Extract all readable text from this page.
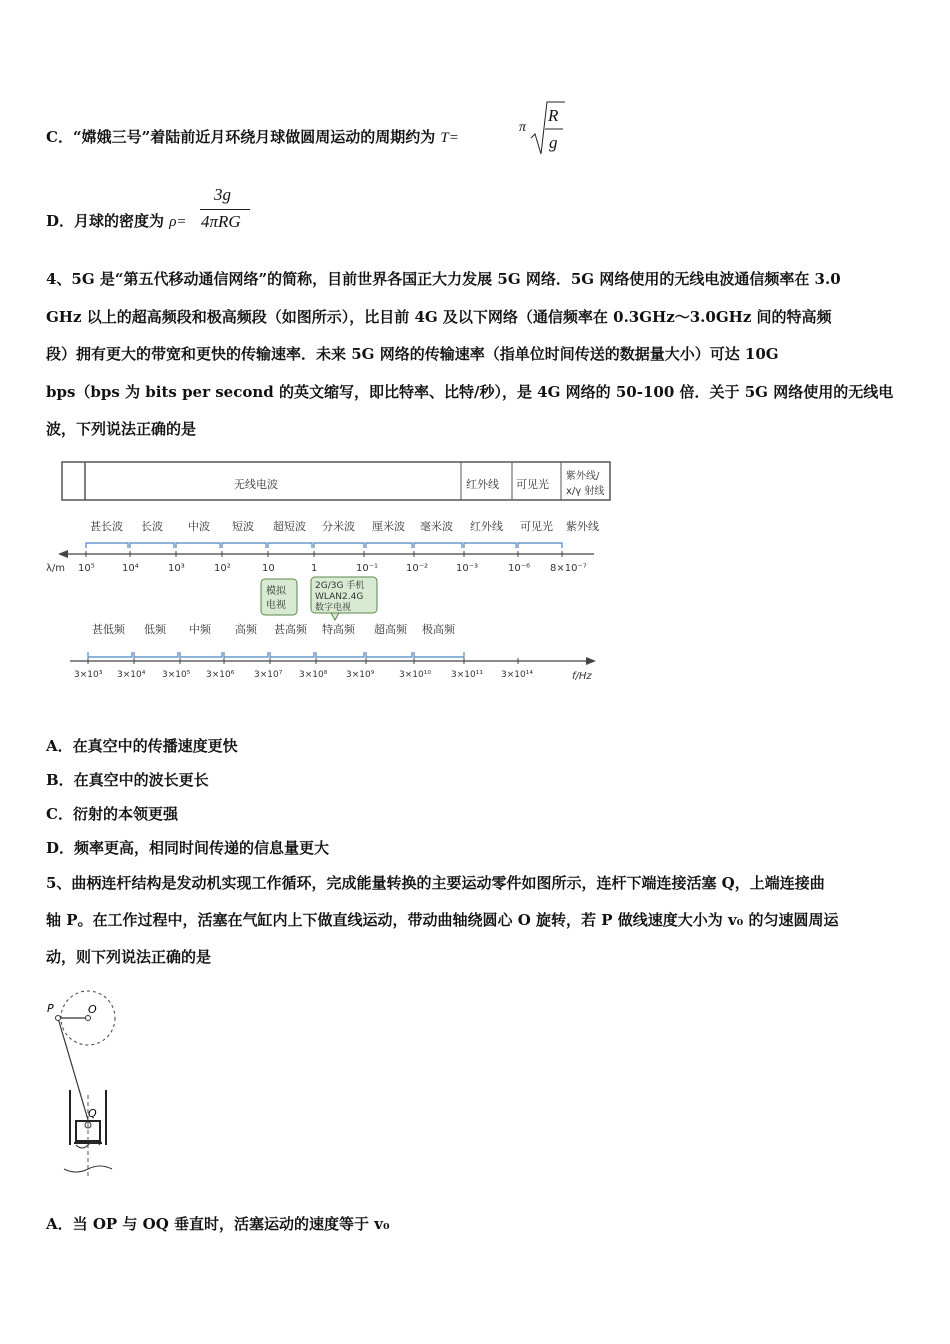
C．“嫦娥三号”着陆前近月环绕月球做圆周运动的周期约为 T=
π
R
g
D．月球的密度为 ρ=
3g
4πRG
4、5G 是“第五代移动通信网络”的简称，目前世界各国正大力发展 5G 网络．5G 网络使用的无线电波通信频率在 3.0
GHz 以上的超高频段和极高频段（如图所示），比目前 4G 及以下网络（通信频率在 0.3GHz～3.0GHz 间的特高频
段）拥有更大的带宽和更快的传输速率．未来 5G 网络的传输速率（指单位时间传送的数据量大小）可达 10G
bps（bps 为 bits per second 的英文缩写，即比特率、比特/秒），是 4G 网络的 50-100 倍．关于 5G 网络使用的无线电
波，下列说法正确的是
无线电波	红外线 可见光
紫外线/
x/γ 射线
甚长波 长波 中波 短波 超短波 分米波 厘米波 毫米波 红外线 可见光 紫外线
λ/m 10⁵	10⁴	10³	10²	10	1	10⁻¹	10⁻²	10⁻³	10⁻⁶ 8×10⁻⁷
模拟
电视
2G/3G 手机
WLAN2.4G
数字电视
甚低频 低频 中频 高频 甚高频 特高频 超高频 极高频
3×10³ 3×10⁴ 3×10⁵ 3×10⁶ 3×10⁷ 3×10⁸ 3×10⁹	3×10¹⁰ 3×10¹¹ 3×10¹⁴	f/Hz
A．在真空中的传播速度更快
B．在真空中的波长更长
C．衍射的本领更强
D．频率更高，相同时间传递的信息量更大
5、曲柄连杆结构是发动机实现工作循环，完成能量转换的主要运动零件如图所示，连杆下端连接活塞 Q，上端连接曲
轴 P。在工作过程中，活塞在气缸内上下做直线运动，带动曲轴绕圆心 O 旋转，若 P 做线速度大小为 v₀ 的匀速圆周运
动，则下列说法正确的是
P	O
Q
A．当 OP 与 OQ 垂直时，活塞运动的速度等于 v₀
